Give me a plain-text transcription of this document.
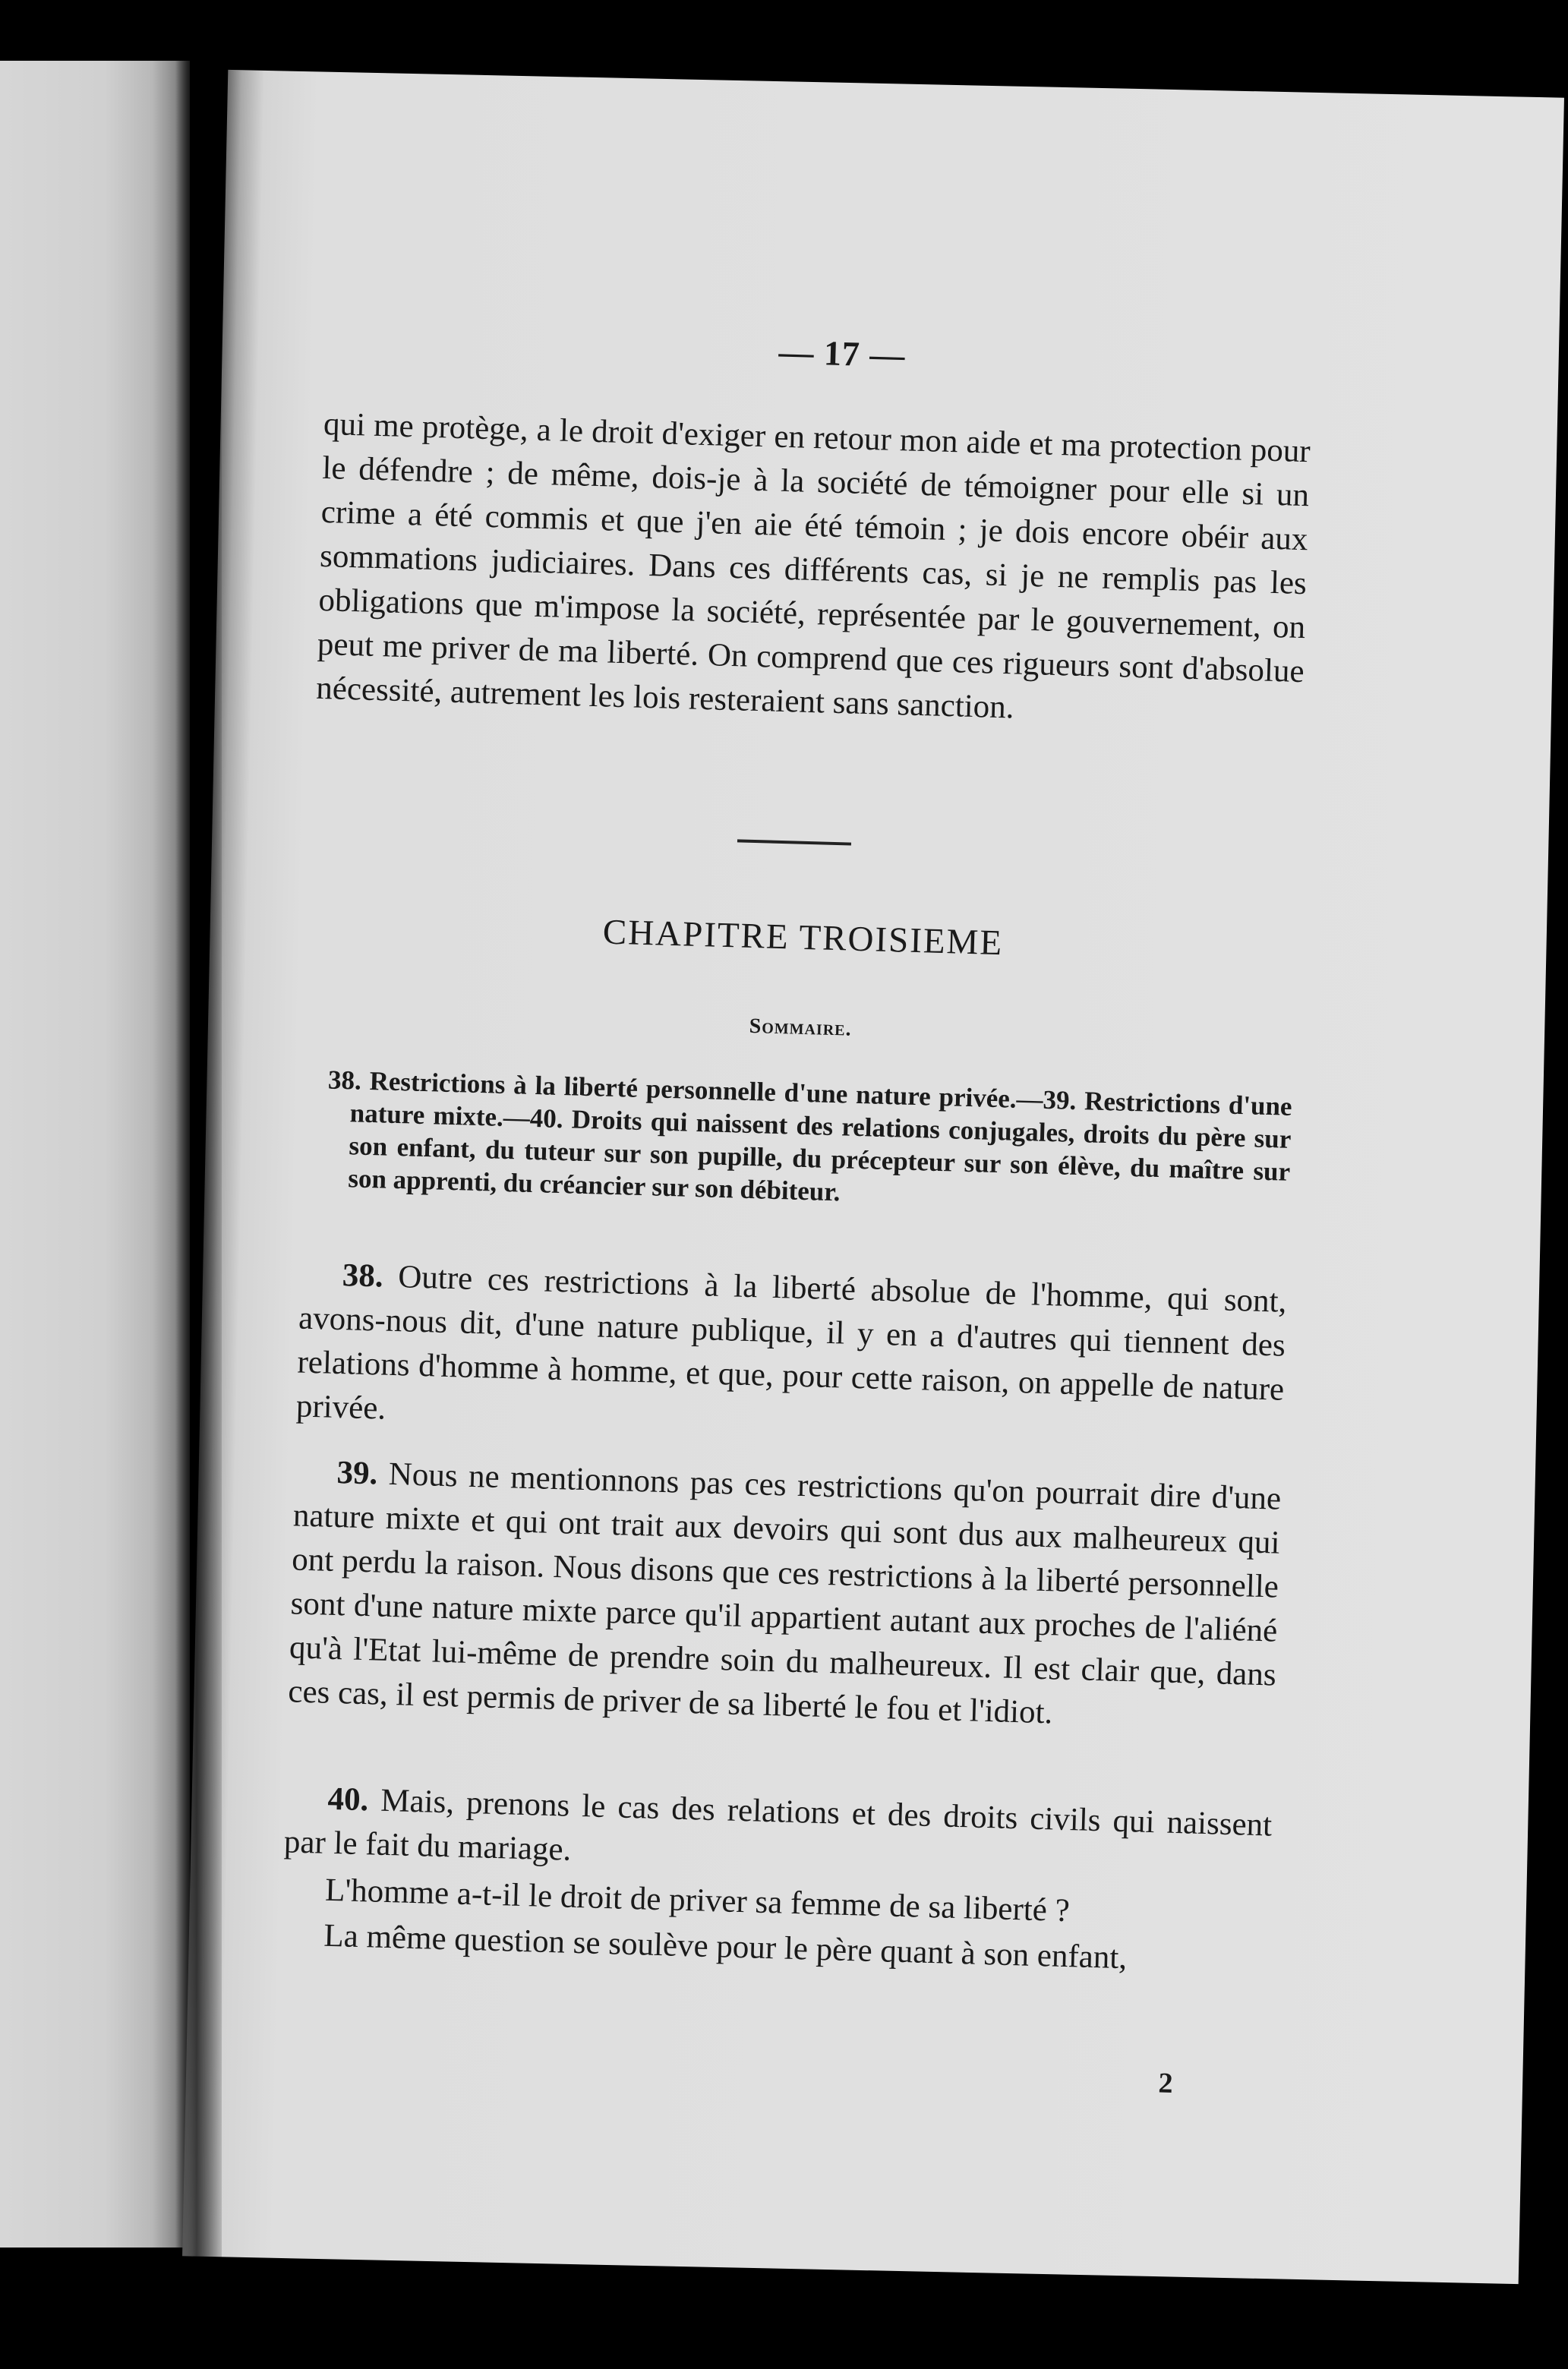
— 17 —
qui me protège, a le droit d'exiger en retour mon aide et ma protection pour le défendre ; de même, dois-je à la société de témoigner pour elle si un crime a été commis et que j'en aie été témoin ; je dois encore obéir aux sommations judiciaires. Dans ces différents cas, si je ne remplis pas les obligations que m'impose la société, représentée par le gouvernement, on peut me priver de ma liberté. On comprend que ces rigueurs sont d'absolue nécessité, autrement les lois resteraient sans sanction.
CHAPITRE TROISIEME
Sommaire.
38. Restrictions à la liberté personnelle d'une nature privée.—39. Restrictions d'une nature mixte.—40. Droits qui naissent des relations conjugales, droits du père sur son enfant, du tuteur sur son pupille, du précepteur sur son élève, du maître sur son apprenti, du créancier sur son débiteur.
38. Outre ces restrictions à la liberté absolue de l'homme, qui sont, avons-nous dit, d'une nature publique, il y en a d'autres qui tiennent des relations d'homme à homme, et que, pour cette raison, on appelle de nature privée.
39. Nous ne mentionnons pas ces restrictions qu'on pourrait dire d'une nature mixte et qui ont trait aux devoirs qui sont dus aux malheureux qui ont perdu la raison. Nous disons que ces restrictions à la liberté personnelle sont d'une nature mixte parce qu'il appartient autant aux proches de l'aliéné qu'à l'Etat lui-même de prendre soin du malheureux. Il est clair que, dans ces cas, il est permis de priver de sa liberté le fou et l'idiot.
40. Mais, prenons le cas des relations et des droits civils qui naissent par le fait du mariage.
L'homme a-t-il le droit de priver sa femme de sa liberté ?
La même question se soulève pour le père quant à son enfant,
2
